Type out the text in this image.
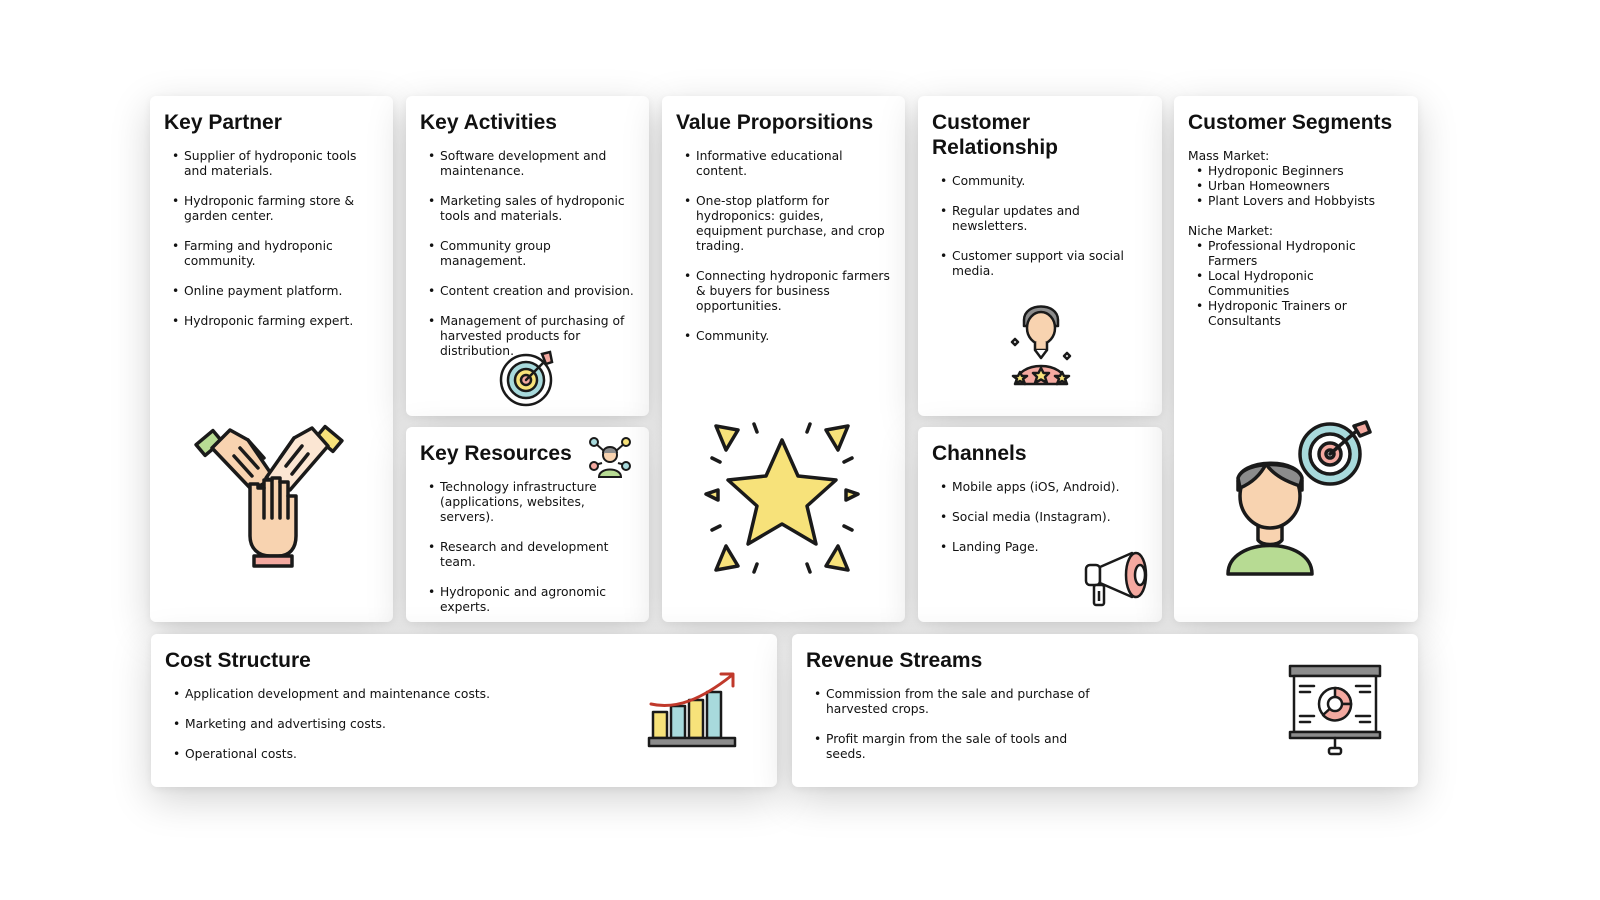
Key Partner
• Supplier of hydroponic tools and materials.
• Hydroponic farming store & garden center.
• Farming and hydroponic community.
• Online payment platform.
• Hydroponic farming expert.
Key Activities
• Software development and maintenance.
• Marketing sales of hydroponic tools and materials.
• Community group management.
• Content creation and provision.
• Management of purchasing of harvested products for distribution.
Key Resources
• Technology infrastructure (applications, websites, servers).
• Research and development team.
• Hydroponic and agronomic experts.
Value Proporsitions
• Informative educational content.
• One-stop platform for hydroponics: guides, equipment purchase, and crop trading.
• Connecting hydroponic farmers & buyers for business opportunities.
• Community.
Customer Relationship
• Community.
• Regular updates and newsletters.
• Customer support via social media.
Channels
• Mobile apps (iOS, Android).
• Social media (Instagram).
• Landing Page.
Customer Segments
Mass Market:
• Hydroponic Beginners
• Urban Homeowners
• Plant Lovers and Hobbyists
Niche Market:
• Professional Hydroponic Farmers
• Local Hydroponic Communities
• Hydroponic Trainers or Consultants
Cost Structure
• Application development and maintenance costs.
• Marketing and advertising costs.
• Operational costs.
Revenue Streams
• Commission from the sale and purchase of harvested crops.
• Profit margin from the sale of tools and seeds.
